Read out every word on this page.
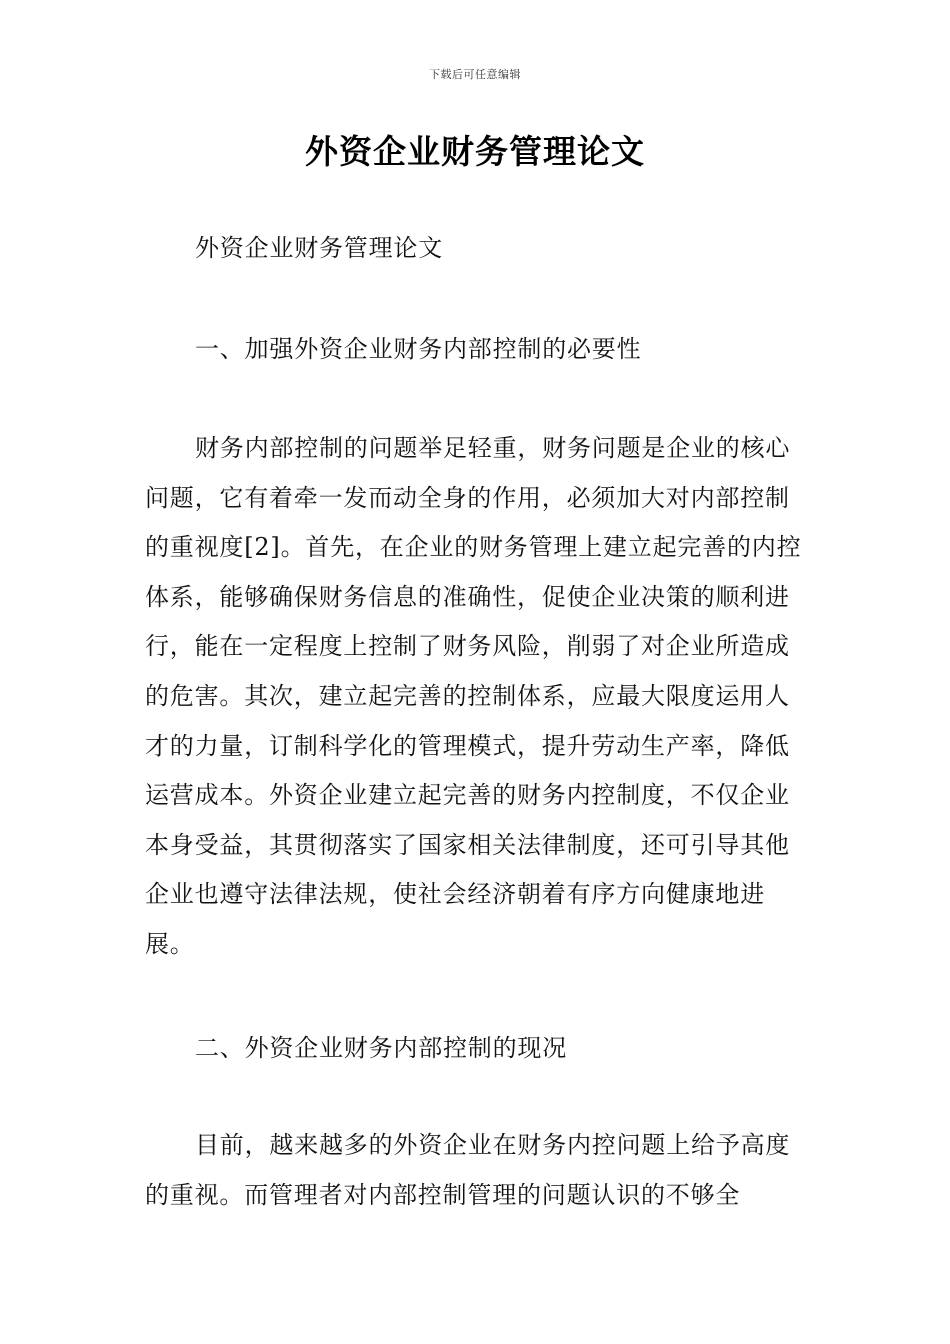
下载后可任意编辑
外资企业财务管理论文

外资企业财务管理论文

一、加强外资企业财务内部控制的必要性

财务内部控制的问题举足轻重，财务问题是企业的核心问题，它有着牵一发而动全身的作用，必须加大对内部控制的重视度[2]。首先，在企业的财务管理上建立起完善的内控体系，能够确保财务信息的准确性，促使企业决策的顺利进行，能在一定程度上控制了财务风险，削弱了对企业所造成的危害。其次，建立起完善的控制体系，应最大限度运用人才的力量，订制科学化的管理模式，提升劳动生产率，降低运营成本。外资企业建立起完善的财务内控制度，不仅企业本身受益，其贯彻落实了国家相关法律制度，还可引导其他企业也遵守法律法规，使社会经济朝着有序方向健康地进展。

二、外资企业财务内部控制的现况

目前，越来越多的外资企业在财务内控问题上给予高度的重视。而管理者对内部控制管理的问题认识的不够全
